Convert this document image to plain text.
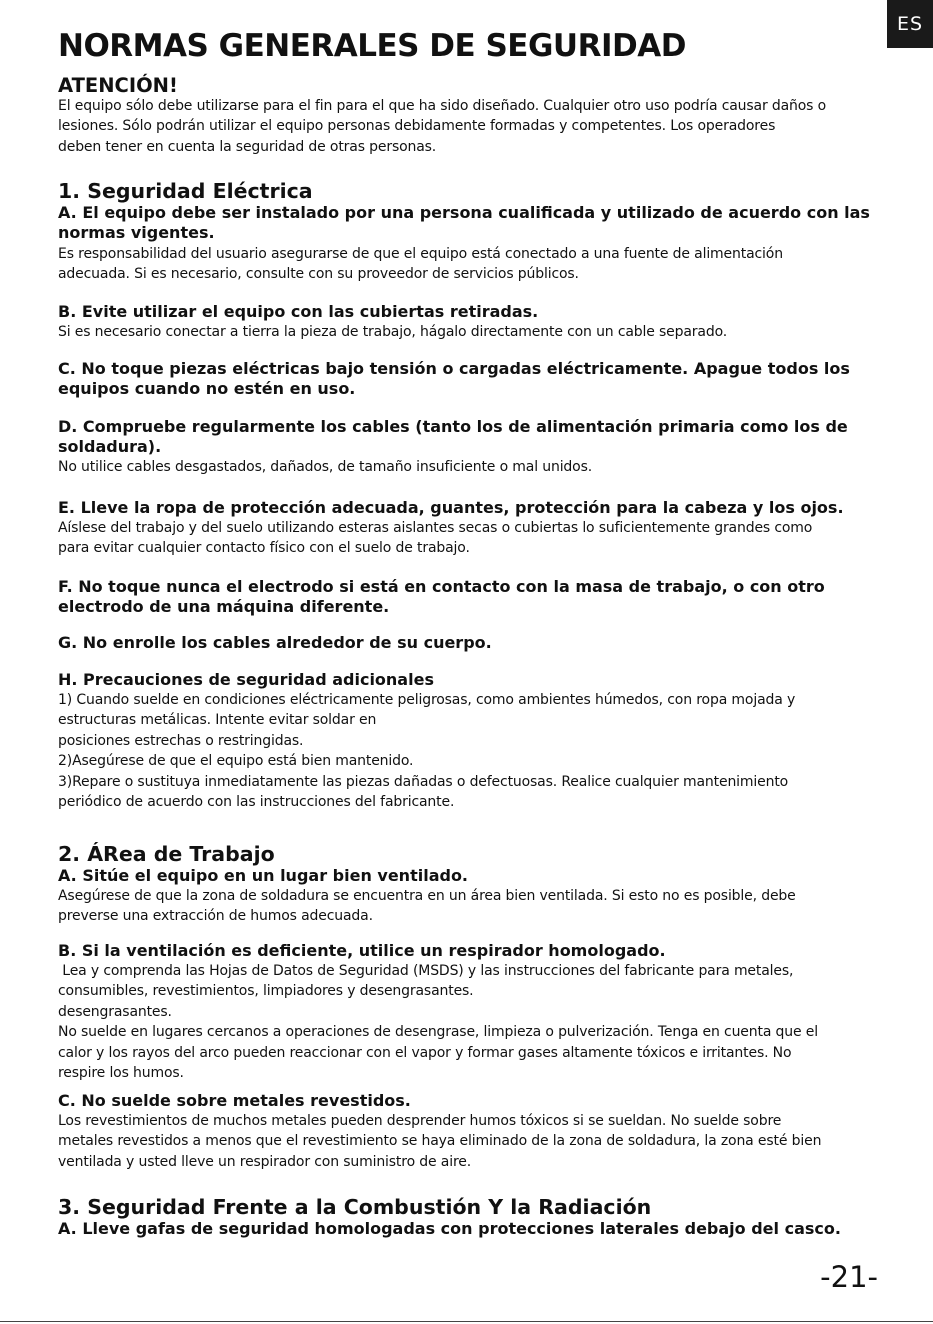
ES
NORMAS GENERALES DE SEGURIDAD
ATENCIÓN!
El equipo sólo debe utilizarse para el fin para el que ha sido diseñado. Cualquier otro uso podría causar daños o
lesiones. Sólo podrán utilizar el equipo personas debidamente formadas y competentes. Los operadores
deben tener en cuenta la seguridad de otras personas.
1. Seguridad Eléctrica
A. El equipo debe ser instalado por una persona cualificada y utilizado de acuerdo con las
normas vigentes.
Es responsabilidad del usuario asegurarse de que el equipo está conectado a una fuente de alimentación
adecuada. Si es necesario, consulte con su proveedor de servicios públicos.
B. Evite utilizar el equipo con las cubiertas retiradas.
Si es necesario conectar a tierra la pieza de trabajo, hágalo directamente con un cable separado.
C. No toque piezas eléctricas bajo tensión o cargadas eléctricamente. Apague todos los
equipos cuando no estén en uso.
D. Compruebe regularmente los cables (tanto los de alimentación primaria como los de
soldadura).
No utilice cables desgastados, dañados, de tamaño insuficiente o mal unidos.
E. Lleve la ropa de protección adecuada, guantes, protección para la cabeza y los ojos.
Aíslese del trabajo y del suelo utilizando esteras aislantes secas o cubiertas lo suficientemente grandes como
para evitar cualquier contacto físico con el suelo de trabajo.
F. No toque nunca el electrodo si está en contacto con la masa de trabajo, o con otro
electrodo de una máquina diferente.
G. No enrolle los cables alrededor de su cuerpo.
H. Precauciones de seguridad adicionales
1) Cuando suelde en condiciones eléctricamente peligrosas, como ambientes húmedos, con ropa mojada y
estructuras metálicas. Intente evitar soldar en
posiciones estrechas o restringidas.
2)Asegúrese de que el equipo está bien mantenido.
3)Repare o sustituya inmediatamente las piezas dañadas o defectuosas. Realice cualquier mantenimiento
periódico de acuerdo con las instrucciones del fabricante.
2. ÁRea de Trabajo
A. Sitúe el equipo en un lugar bien ventilado.
Asegúrese de que la zona de soldadura se encuentra en un área bien ventilada. Si esto no es posible, debe
preverse una extracción de humos adecuada.
B. Si la ventilación es deficiente, utilice un respirador homologado.
Lea y comprenda las Hojas de Datos de Seguridad (MSDS) y las instrucciones del fabricante para metales,
consumibles, revestimientos, limpiadores y desengrasantes.
desengrasantes.
No suelde en lugares cercanos a operaciones de desengrase, limpieza o pulverización. Tenga en cuenta que el
calor y los rayos del arco pueden reaccionar con el vapor y formar gases altamente tóxicos e irritantes. No
respire los humos.
C. No suelde sobre metales revestidos.
Los revestimientos de muchos metales pueden desprender humos tóxicos si se sueldan. No suelde sobre
metales revestidos a menos que el revestimiento se haya eliminado de la zona de soldadura, la zona esté bien
ventilada y usted lleve un respirador con suministro de aire.
3. Seguridad Frente a la Combustión Y la Radiación
A. Lleve gafas de seguridad homologadas con protecciones laterales debajo del casco.
-21-
